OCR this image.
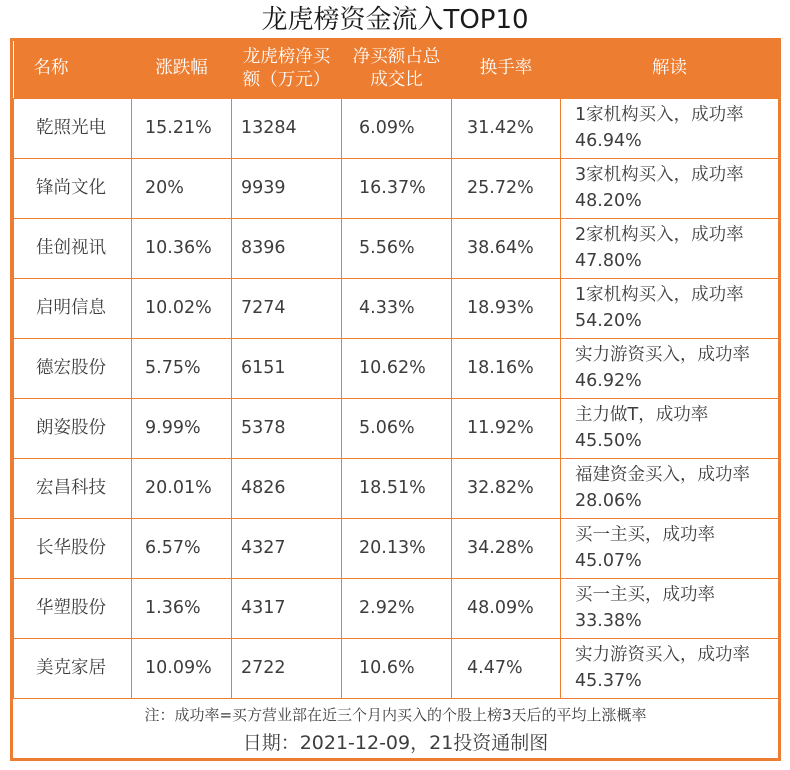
龙虎榜资金流入TOP10
名称	涨跌幅	龙虎榜净买额（万元）	净买额占总成交比	换手率	解读
乾照光电	15.21%	13284	6.09%	31.42%	1家机构买入，成功率46.94%
锋尚文化	20%	9939	16.37%	25.72%	3家机构买入，成功率48.20%
佳创视讯	10.36%	8396	5.56%	38.64%	2家机构买入，成功率47.80%
启明信息	10.02%	7274	4.33%	18.93%	1家机构买入，成功率54.20%
德宏股份	5.75%	6151	10.62%	18.16%	实力游资买入，成功率46.92%
朗姿股份	9.99%	5378	5.06%	11.92%	主力做T，成功率45.50%
宏昌科技	20.01%	4826	18.51%	32.82%	福建资金买入，成功率28.06%
长华股份	6.57%	4327	20.13%	34.28%	买一主买，成功率45.07%
华塑股份	1.36%	4317	2.92%	48.09%	买一主买，成功率33.38%
美克家居	10.09%	2722	10.6%	4.47%	实力游资买入，成功率45.37%
注：成功率=买方营业部在近三个月内买入的个股上榜3天后的平均上涨概率
日期：2021-12-09，21投资通制图
